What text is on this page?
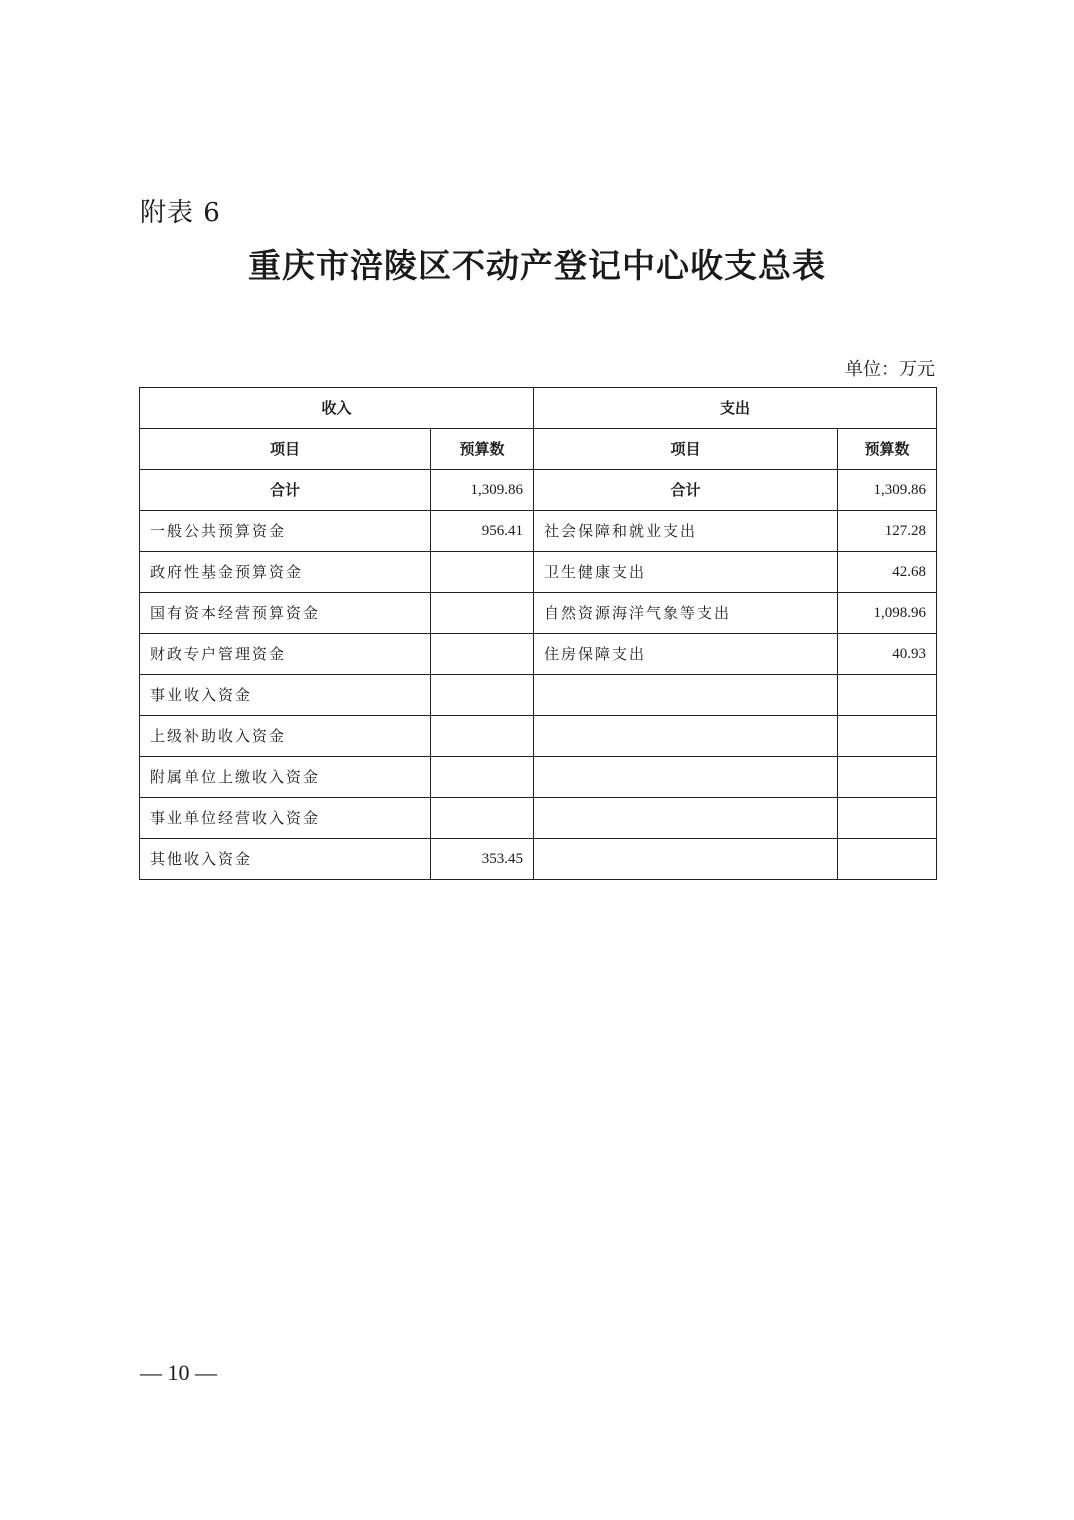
附表 6
重庆市涪陵区不动产登记中心收支总表
单位：万元
收入		支出	
项目	预算数	项目	预算数
合计	1,309.86	合计	1,309.86
一般公共预算资金	956.41	社会保障和就业支出	127.28
政府性基金预算资金		卫生健康支出	42.68
国有资本经营预算资金		自然资源海洋气象等支出	1,098.96
财政专户管理资金		住房保障支出	40.93
事业收入资金			
上级补助收入资金			
附属单位上缴收入资金			
事业单位经营收入资金			
其他收入资金	353.45		
— 10 —
